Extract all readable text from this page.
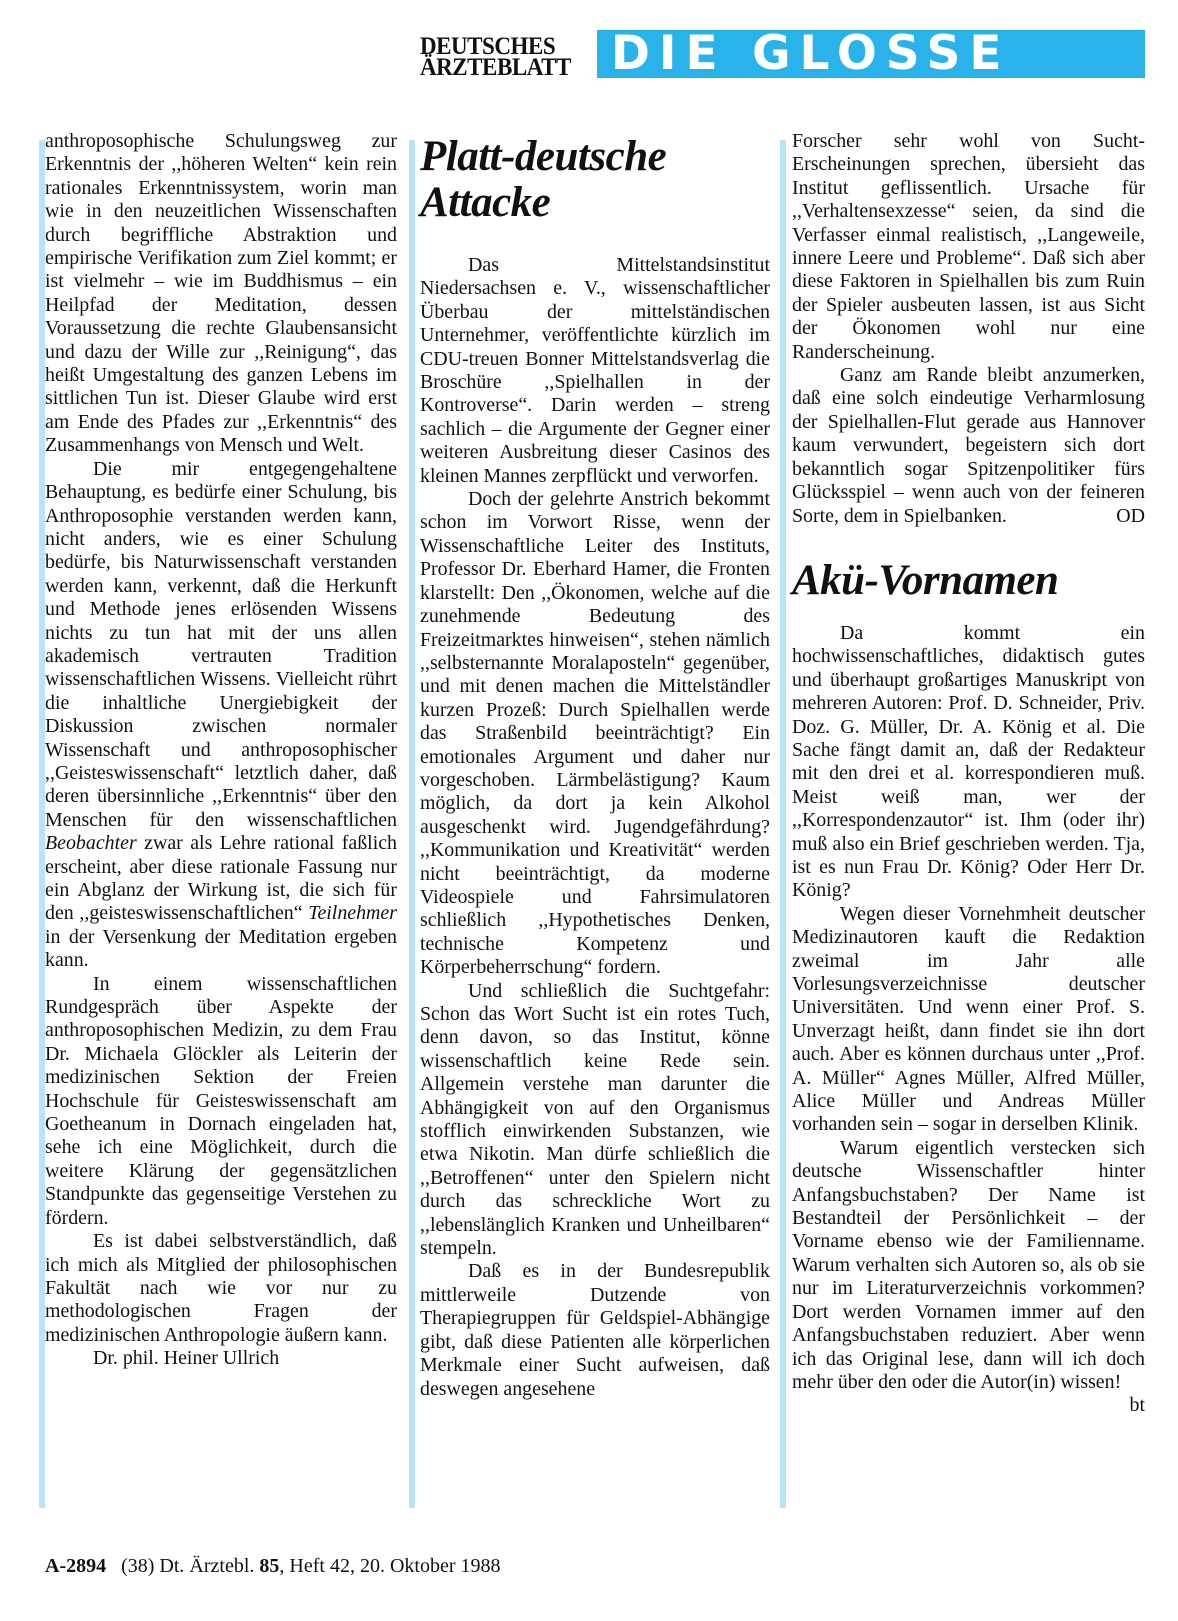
DEUTSCHES
ÄRZTEBLATT DIE GLOSSE

anthroposophische Schulungsweg zur Erkenntnis der ,,höheren Welten“ kein rein rationales Erkenntnissystem, worin man wie in den neuzeitlichen Wissenschaften durch begriffliche Abstraktion und empirische Verifikation zum Ziel kommt; er ist vielmehr – wie im Buddhismus – ein Heilpfad der Meditation, dessen Voraussetzung die rechte Glaubensansicht und dazu der Wille zur ,,Reinigung“, das heißt Umgestaltung des ganzen Lebens im sittlichen Tun ist. Dieser Glaube wird erst am Ende des Pfades zur ,,Erkenntnis“ des Zusammenhangs von Mensch und Welt.

Die mir entgegengehaltene Behauptung, es bedürfe einer Schulung, bis Anthroposophie verstanden werden kann, nicht anders, wie es einer Schulung bedürfe, bis Naturwissenschaft verstanden werden kann, verkennt, daß die Herkunft und Methode jenes erlösenden Wissens nichts zu tun hat mit der uns allen akademisch vertrauten Tradition wissenschaftlichen Wissens. Vielleicht rührt die inhaltliche Unergiebigkeit der Diskussion zwischen normaler Wissenschaft und anthroposophischer ,,Geisteswissenschaft“ letztlich daher, daß deren übersinnliche ,,Erkenntnis“ über den Menschen für den wissenschaftlichen Beobachter zwar als Lehre rational faßlich erscheint, aber diese rationale Fassung nur ein Abglanz der Wirkung ist, die sich für den ,,geisteswissenschaftlichen“ Teilnehmer in der Versenkung der Meditation ergeben kann.

In einem wissenschaftlichen Rundgespräch über Aspekte der anthroposophischen Medizin, zu dem Frau Dr. Michaela Glöckler als Leiterin der medizinischen Sektion der Freien Hochschule für Geisteswissenschaft am Goetheanum in Dornach eingeladen hat, sehe ich eine Möglichkeit, durch die weitere Klärung der gegensätzlichen Standpunkte das gegenseitige Verstehen zu fördern.

Es ist dabei selbstverständlich, daß ich mich als Mitglied der philosophischen Fakultät nach wie vor nur zu methodologischen Fragen der medizinischen Anthropologie äußern kann.

Dr. phil. Heiner Ullrich

Platt-deutsche
Attacke

Das Mittelstandsinstitut Niedersachsen e. V., wissenschaftlicher Überbau der mittelständischen Unternehmer, veröffentlichte kürzlich im CDU-treuen Bonner Mittelstandsverlag die Broschüre ,,Spielhallen in der Kontroverse“. Darin werden – streng sachlich – die Argumente der Gegner einer weiteren Ausbreitung dieser Casinos des kleinen Mannes zerpflückt und verworfen.

Doch der gelehrte Anstrich bekommt schon im Vorwort Risse, wenn der Wissenschaftliche Leiter des Instituts, Professor Dr. Eberhard Hamer, die Fronten klarstellt: Den ,,Ökonomen, welche auf die zunehmende Bedeutung des Freizeitmarktes hinweisen“, stehen nämlich ,,selbsternannte Moralaposteln“ gegenüber, und mit denen machen die Mittelständler kurzen Prozeß: Durch Spielhallen werde das Straßenbild beeinträchtigt? Ein emotionales Argument und daher nur vorgeschoben. Lärmbelästigung? Kaum möglich, da dort ja kein Alkohol ausgeschenkt wird. Jugendgefährdung? ,,Kommunikation und Kreativität“ werden nicht beeinträchtigt, da moderne Videospiele und Fahrsimulatoren schließlich ,,Hypothetisches Denken, technische Kompetenz und Körperbeherrschung“ fordern.

Und schließlich die Suchtgefahr: Schon das Wort Sucht ist ein rotes Tuch, denn davon, so das Institut, könne wissenschaftlich keine Rede sein. Allgemein verstehe man darunter die Abhängigkeit von auf den Organismus stofflich einwirkenden Substanzen, wie etwa Nikotin. Man dürfe schließlich die ,,Betroffenen“ unter den Spielern nicht durch das schreckliche Wort zu ,,lebenslänglich Kranken und Unheilbaren“ stempeln.

Daß es in der Bundesrepublik mittlerweile Dutzende von Therapiegruppen für Geldspiel-Abhängige gibt, daß diese Patienten alle körperlichen Merkmale einer Sucht aufweisen, daß deswegen angesehene

Forscher sehr wohl von Sucht-Erscheinungen sprechen, übersieht das Institut geflissentlich. Ursache für ,,Verhaltensexzesse“ seien, da sind die Verfasser einmal realistisch, ,,Langeweile, innere Leere und Probleme“. Daß sich aber diese Faktoren in Spielhallen bis zum Ruin der Spieler ausbeuten lassen, ist aus Sicht der Ökonomen wohl nur eine Randerscheinung.

Ganz am Rande bleibt anzumerken, daß eine solch eindeutige Verharmlosung der Spielhallen-Flut gerade aus Hannover kaum verwundert, begeistern sich dort bekanntlich sogar Spitzenpolitiker fürs Glücksspiel – wenn auch von der feineren Sorte, dem in Spielbanken.	OD

Akü-Vornamen

Da kommt ein hochwissenschaftliches, didaktisch gutes und überhaupt großartiges Manuskript von mehreren Autoren: Prof. D. Schneider, Priv. Doz. G. Müller, Dr. A. König et al. Die Sache fängt damit an, daß der Redakteur mit den drei et al. korrespondieren muß. Meist weiß man, wer der ,,Korrespondenzautor“ ist. Ihm (oder ihr) muß also ein Brief geschrieben werden. Tja, ist es nun Frau Dr. König? Oder Herr Dr. König?

Wegen dieser Vornehmheit deutscher Medizinautoren kauft die Redaktion zweimal im Jahr alle Vorlesungsverzeichnisse deutscher Universitäten. Und wenn einer Prof. S. Unverzagt heißt, dann findet sie ihn dort auch. Aber es können durchaus unter ,,Prof. A. Müller“ Agnes Müller, Alfred Müller, Alice Müller und Andreas Müller vorhanden sein – sogar in derselben Klinik.

Warum eigentlich verstecken sich deutsche Wissenschaftler hinter Anfangsbuchstaben? Der Name ist Bestandteil der Persönlichkeit – der Vorname ebenso wie der Familienname. Warum verhalten sich Autoren so, als ob sie nur im Literaturverzeichnis vorkommen? Dort werden Vornamen immer auf den Anfangsbuchstaben reduziert. Aber wenn ich das Original lese, dann will ich doch mehr über den oder die Autor(in) wissen!
bt

A-2894 (38) Dt. Ärztebl. 85, Heft 42, 20. Oktober 1988
